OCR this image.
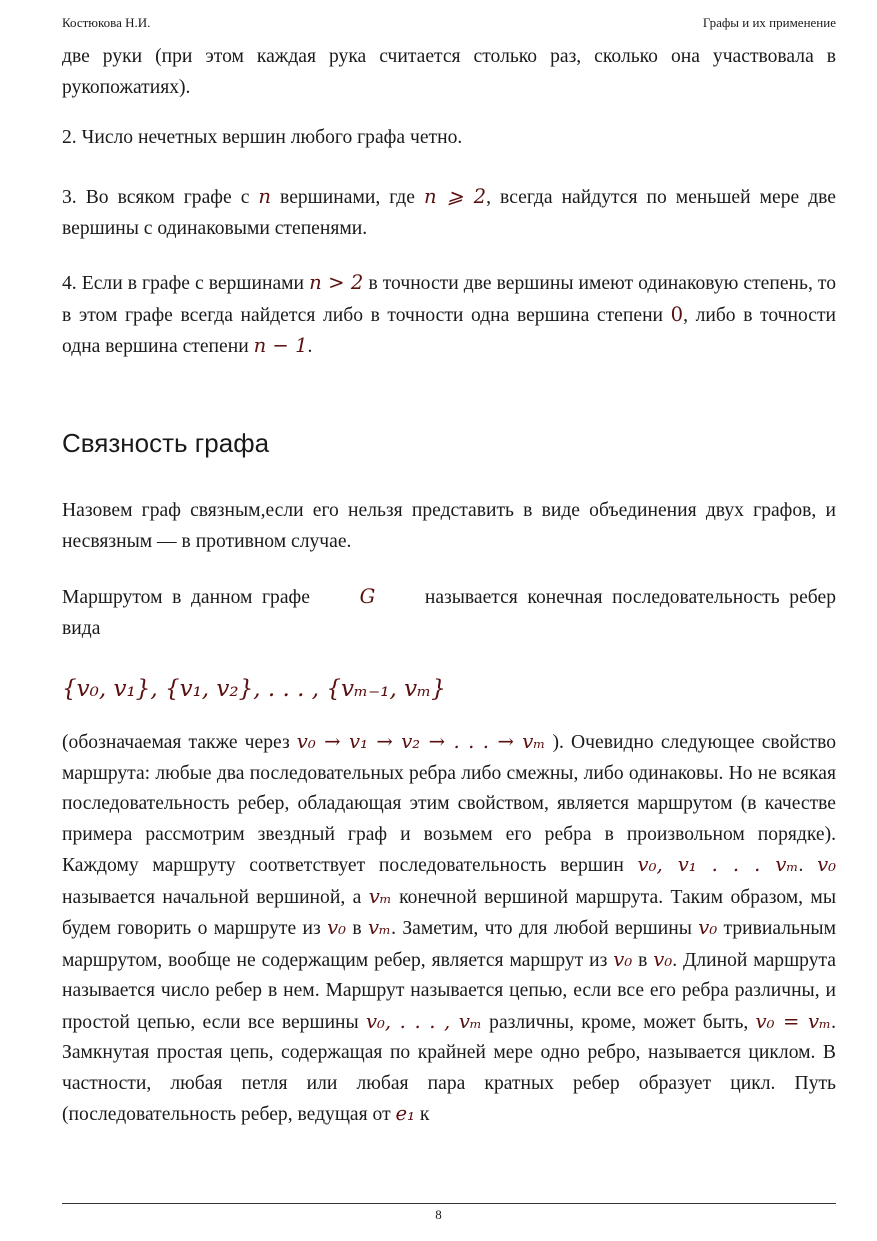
Костюкова Н.И.	Графы и их применение
две руки (при этом каждая рука считается столько раз, сколько она участвовала в рукопожатиях).
2. Число нечетных вершин любого графа четно.
3. Во всяком графе с n вершинами, где n ⩾ 2, всегда найдутся по меньшей мере две вершины с одинаковыми степенями.
4. Если в графе с вершинами n > 2 в точности две вершины имеют одинаковую степень, то в этом графе всегда найдется либо в точности одна вершина степени 0, либо в точности одна вершина степени n − 1.
Связность графа
Назовем граф связным,если его нельзя представить в виде объединения двух графов, и несвязным — в противном случае.
Маршрутом в данном графе G называется конечная последовательность ребер вида
{v₀, v₁}, {v₁, v₂}, . . . , {vₘ₋₁, vₘ}
(обозначаемая также через v₀ → v₁ → v₂ → . . . → vₘ ). Очевидно следующее свойство маршрута: любые два последовательных ребра либо смежны, либо одинаковы. Но не всякая последовательность ребер, обладающая этим свойством, является маршрутом (в качестве примера рассмотрим звездный граф и возьмем его ребра в произвольном порядке). Каждому маршруту соответствует последовательность вершин v₀, v₁ . . . vₘ. v₀ называется начальной вершиной, а vₘ конечной вершиной маршрута. Таким образом, мы будем говорить о маршруте из v₀ в vₘ. Заметим, что для любой вершины v₀ тривиальным маршрутом, вообще не содержащим ребер, является маршрут из v₀ в v₀. Длиной маршрута называется число ребер в нем. Маршрут называется цепью, если все его ребра различны, и простой цепью, если все вершины v₀, . . . , vₘ различны, кроме, может быть, v₀ = vₘ. Замкнутая простая цепь, содержащая по крайней мере одно ребро, называется циклом. В частности, любая петля или любая пара кратных ребер образует цикл. Путь (последовательность ребер, ведущая от e₁ к
8
